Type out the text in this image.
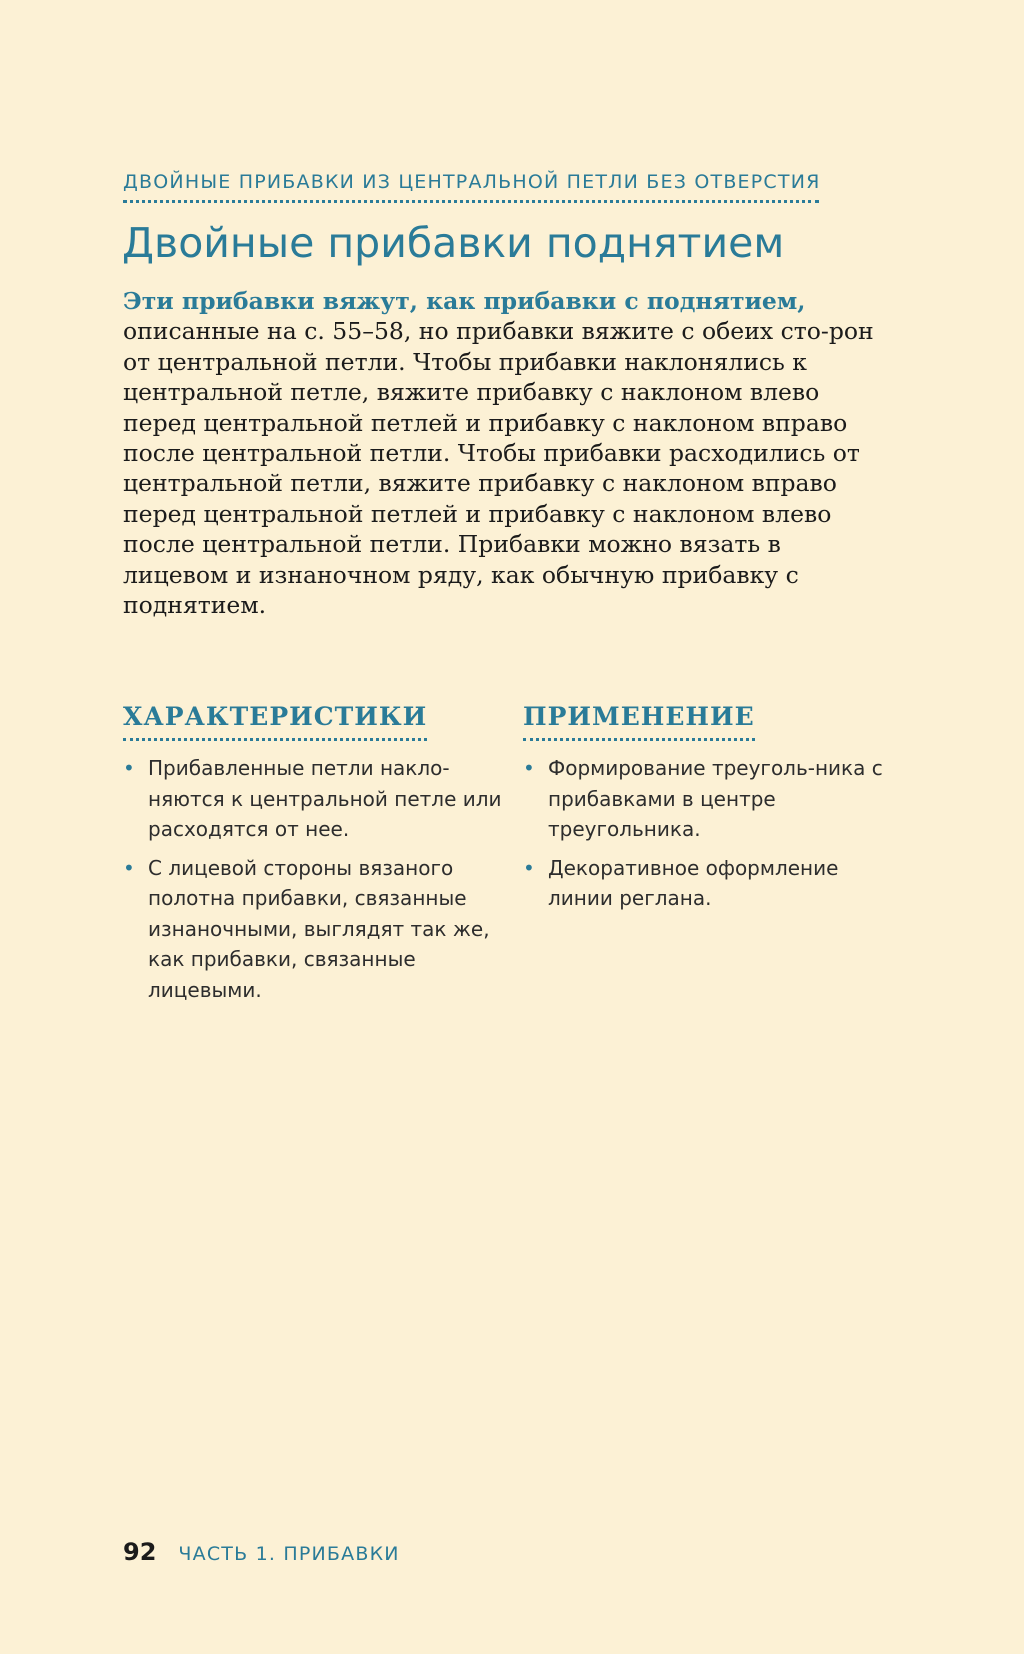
ДВОЙНЫЕ ПРИБАВКИ ИЗ ЦЕНТРАЛЬНОЙ ПЕТЛИ БЕЗ ОТВЕРСТИЯ
Двойные прибавки поднятием

Эти прибавки вяжут, как прибавки с поднятием, описанные на с. 55–58, но прибавки вяжите с обеих сто-рон от центральной петли. Чтобы прибавки наклонялись к центральной петле, вяжите прибавку с наклоном влево перед центральной петлей и прибавку с наклоном вправо после центральной петли. Чтобы прибавки расходились от центральной петли, вяжите прибавку с наклоном вправо перед центральной петлей и прибавку с наклоном влево после центральной петли. Прибавки можно вязать в лицевом и изнаночном ряду, как обычную прибавку с поднятием.

ХАРАКТЕРИСТИКИ
• Прибавленные петли накло-няются к центральной петле или расходятся от нее.
• С лицевой стороны вязаного полотна прибавки, связанные изнаночными, выглядят так же, как прибавки, связанные лицевыми.
ПРИМЕНЕНИЕ
• Формирование треуголь-ника с прибавками в центре треугольника.
• Декоративное оформление линии реглана.
92 ЧАСТЬ 1. ПРИБАВКИ
